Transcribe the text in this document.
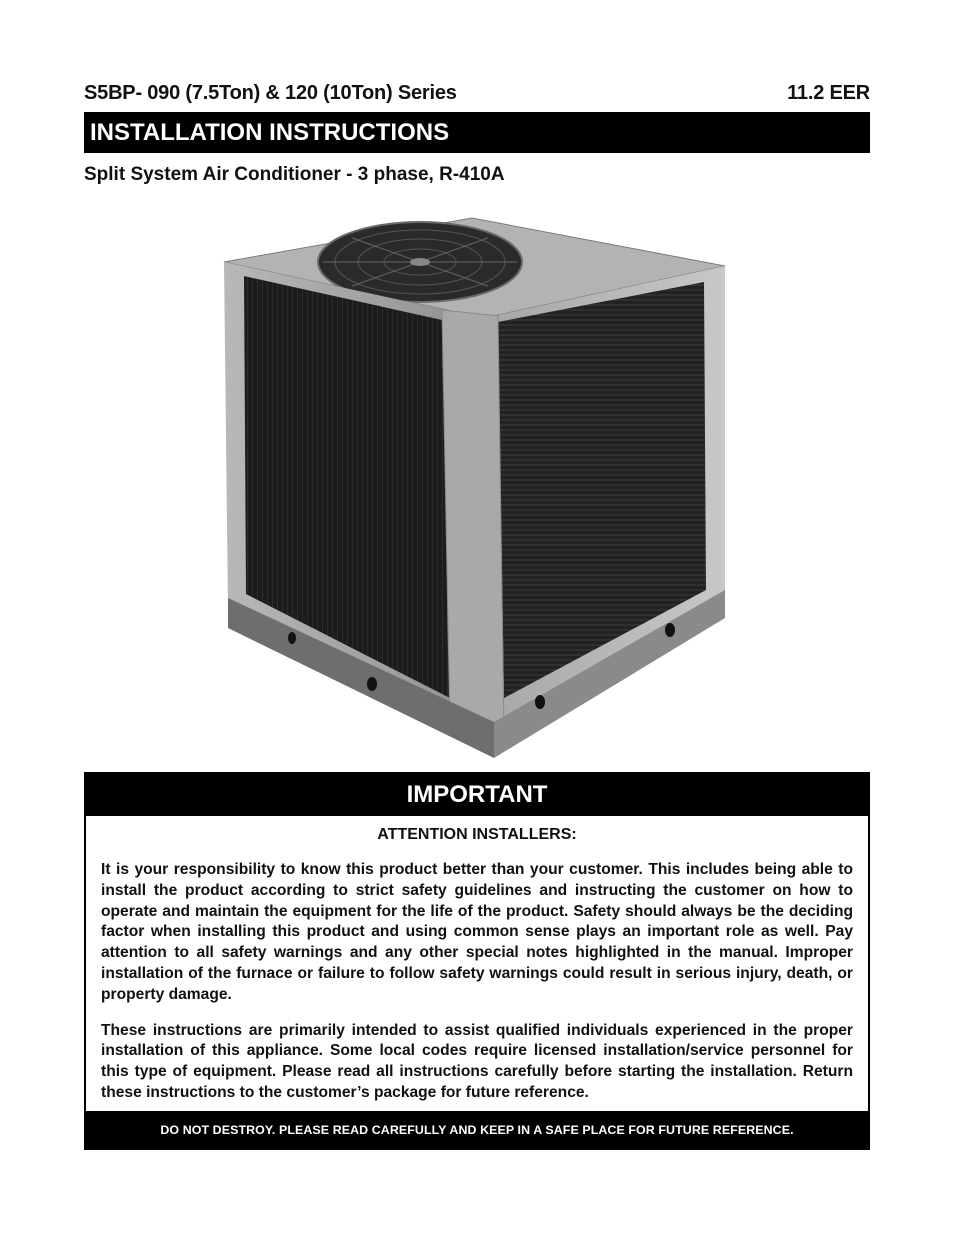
S5BP- 090 (7.5Ton) & 120 (10Ton) Series	11.2 EER
INSTALLATION INSTRUCTIONS
Split System Air Conditioner - 3 phase, R-410A
IMPORTANT
ATTENTION INSTALLERS:

It is your responsibility to know this product better than your customer. This includes being able to install the product according to strict safety guidelines and instructing the customer on how to operate and maintain the equipment for the life of the product. Safety should always be the deciding factor when installing this product and using common sense plays an important role as well. Pay attention to all safety warnings and any other special notes highlighted in the manual. Improper installation of the furnace or failure to follow safety warnings could result in serious injury, death, or property damage.

These instructions are primarily intended to assist qualified individuals experienced in the proper installation of this appliance. Some local codes require licensed installation/service personnel for this type of equipment. Please read all instructions carefully before starting the installation. Return these instructions to the customer’s package for future reference.

DO NOT DESTROY. PLEASE READ CAREFULLY AND KEEP IN A SAFE PLACE FOR FUTURE REFERENCE.
